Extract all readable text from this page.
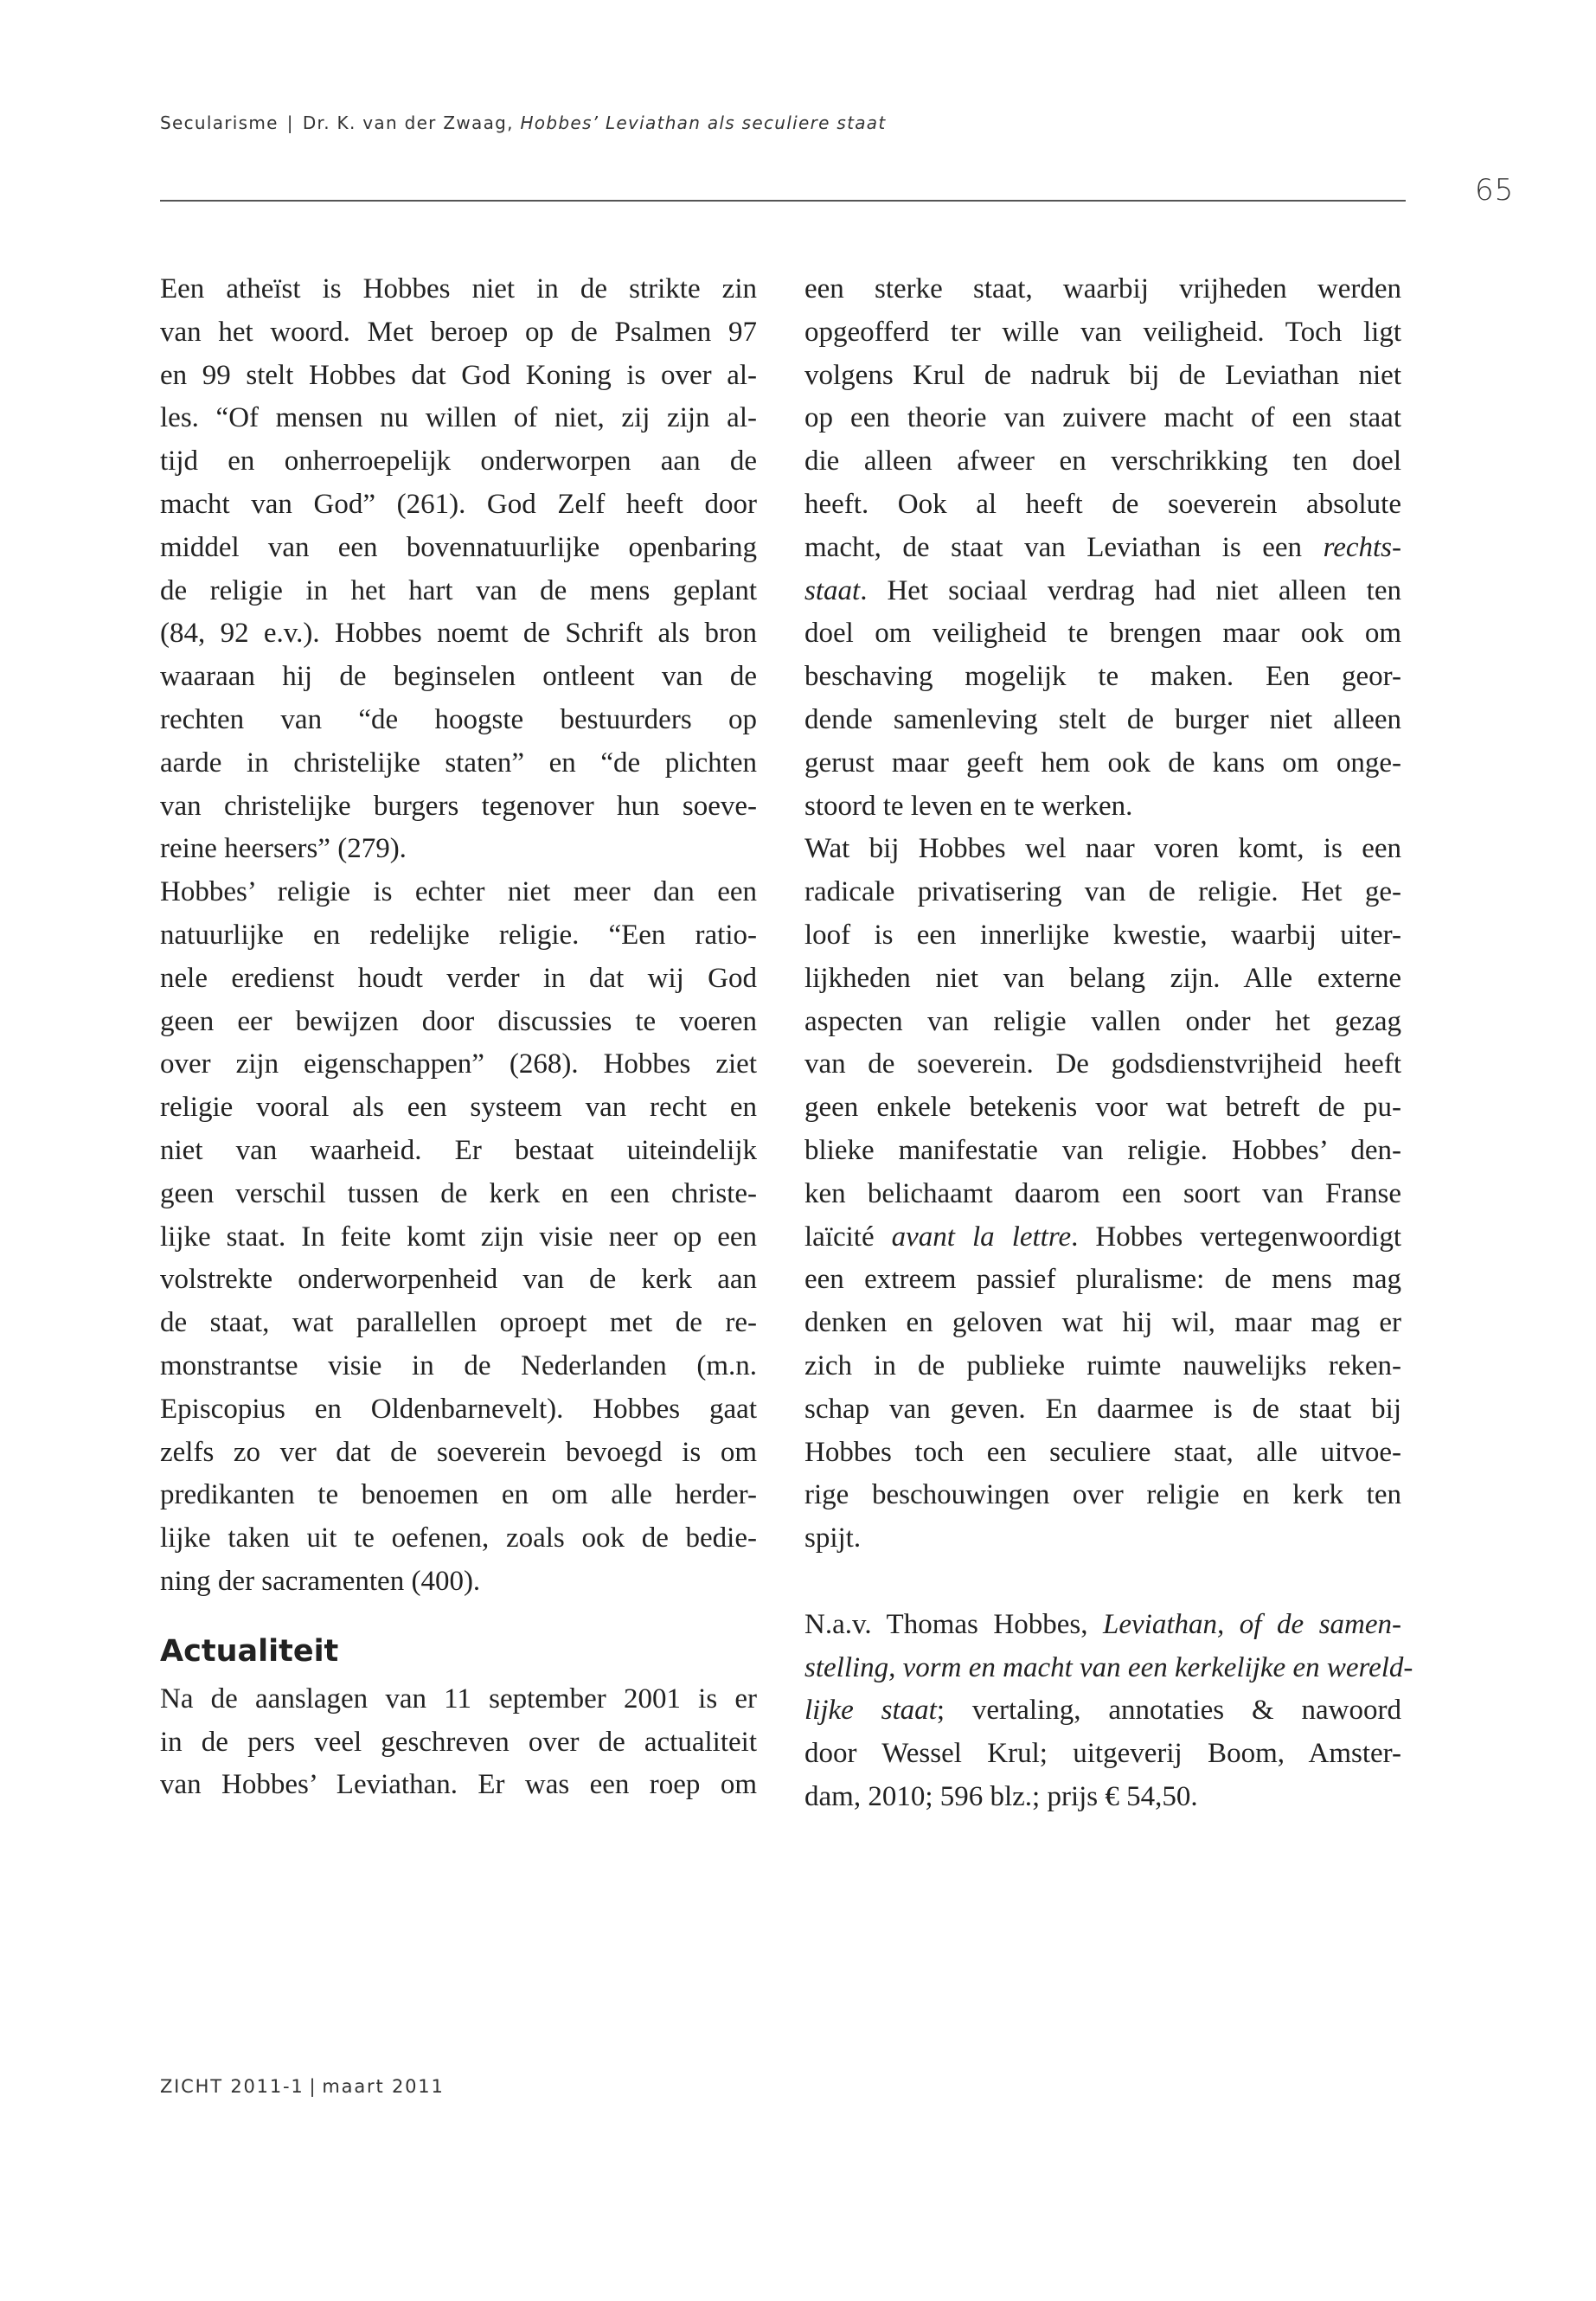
Secularisme | Dr. K. van der Zwaag, Hobbes’ Leviathan als seculiere staat
65
Een atheïst is Hobbes niet in de strikte zin
van het woord. Met beroep op de Psalmen 97
en 99 stelt Hobbes dat God Koning is over al-
les. “Of mensen nu willen of niet, zij zijn al-
tijd en onherroepelijk onderworpen aan de
macht van God” (261). God Zelf heeft door
middel van een bovennatuurlijke openbaring
de religie in het hart van de mens geplant
(84, 92 e.v.). Hobbes noemt de Schrift als bron
waaraan hij de beginselen ontleent van de
rechten van “de hoogste bestuurders op
aarde in christelijke staten” en “de plichten
van christelijke burgers tegenover hun soeve-
reine heersers” (279).
Hobbes’ religie is echter niet meer dan een
natuurlijke en redelijke religie. “Een ratio-
nele eredienst houdt verder in dat wij God
geen eer bewijzen door discussies te voeren
over zijn eigenschappen” (268). Hobbes ziet
religie vooral als een systeem van recht en
niet van waarheid. Er bestaat uiteindelijk
geen verschil tussen de kerk en een christe-
lijke staat. In feite komt zijn visie neer op een
volstrekte onderworpenheid van de kerk aan
de staat, wat parallellen oproept met de re-
monstrantse visie in de Nederlanden (m.n.
Episcopius en Oldenbarnevelt). Hobbes gaat
zelfs zo ver dat de soeverein bevoegd is om
predikanten te benoemen en om alle herder-
lijke taken uit te oefenen, zoals ook de bedie-
ning der sacramenten (400).
Actualiteit
Na de aanslagen van 11 september 2001 is er
in de pers veel geschreven over de actualiteit
van Hobbes’ Leviathan. Er was een roep om
een sterke staat, waarbij vrijheden werden
opgeofferd ter wille van veiligheid. Toch ligt
volgens Krul de nadruk bij de Leviathan niet
op een theorie van zuivere macht of een staat
die alleen afweer en verschrikking ten doel
heeft. Ook al heeft de soeverein absolute
macht, de staat van Leviathan is een rechts-
staat. Het sociaal verdrag had niet alleen ten
doel om veiligheid te brengen maar ook om
beschaving mogelijk te maken. Een geor-
dende samenleving stelt de burger niet alleen
gerust maar geeft hem ook de kans om onge-
stoord te leven en te werken.
Wat bij Hobbes wel naar voren komt, is een
radicale privatisering van de religie. Het ge-
loof is een innerlijke kwestie, waarbij uiter-
lijkheden niet van belang zijn. Alle externe
aspecten van religie vallen onder het gezag
van de soeverein. De godsdienstvrijheid heeft
geen enkele betekenis voor wat betreft de pu-
blieke manifestatie van religie. Hobbes’ den-
ken belichaamt daarom een soort van Franse
laïcité avant la lettre. Hobbes vertegenwoordigt
een extreem passief pluralisme: de mens mag
denken en geloven wat hij wil, maar mag er
zich in de publieke ruimte nauwelijks reken-
schap van geven. En daarmee is de staat bij
Hobbes toch een seculiere staat, alle uitvoe-
rige beschouwingen over religie en kerk ten
spijt.
N.a.v. Thomas Hobbes, Leviathan, of de samen-
stelling, vorm en macht van een kerkelijke en wereld-
lijke staat; vertaling, annotaties & nawoord
door Wessel Krul; uitgeverij Boom, Amster-
dam, 2010; 596 blz.; prijs € 54,50.
ZICHT 2011-1 | maart 2011
